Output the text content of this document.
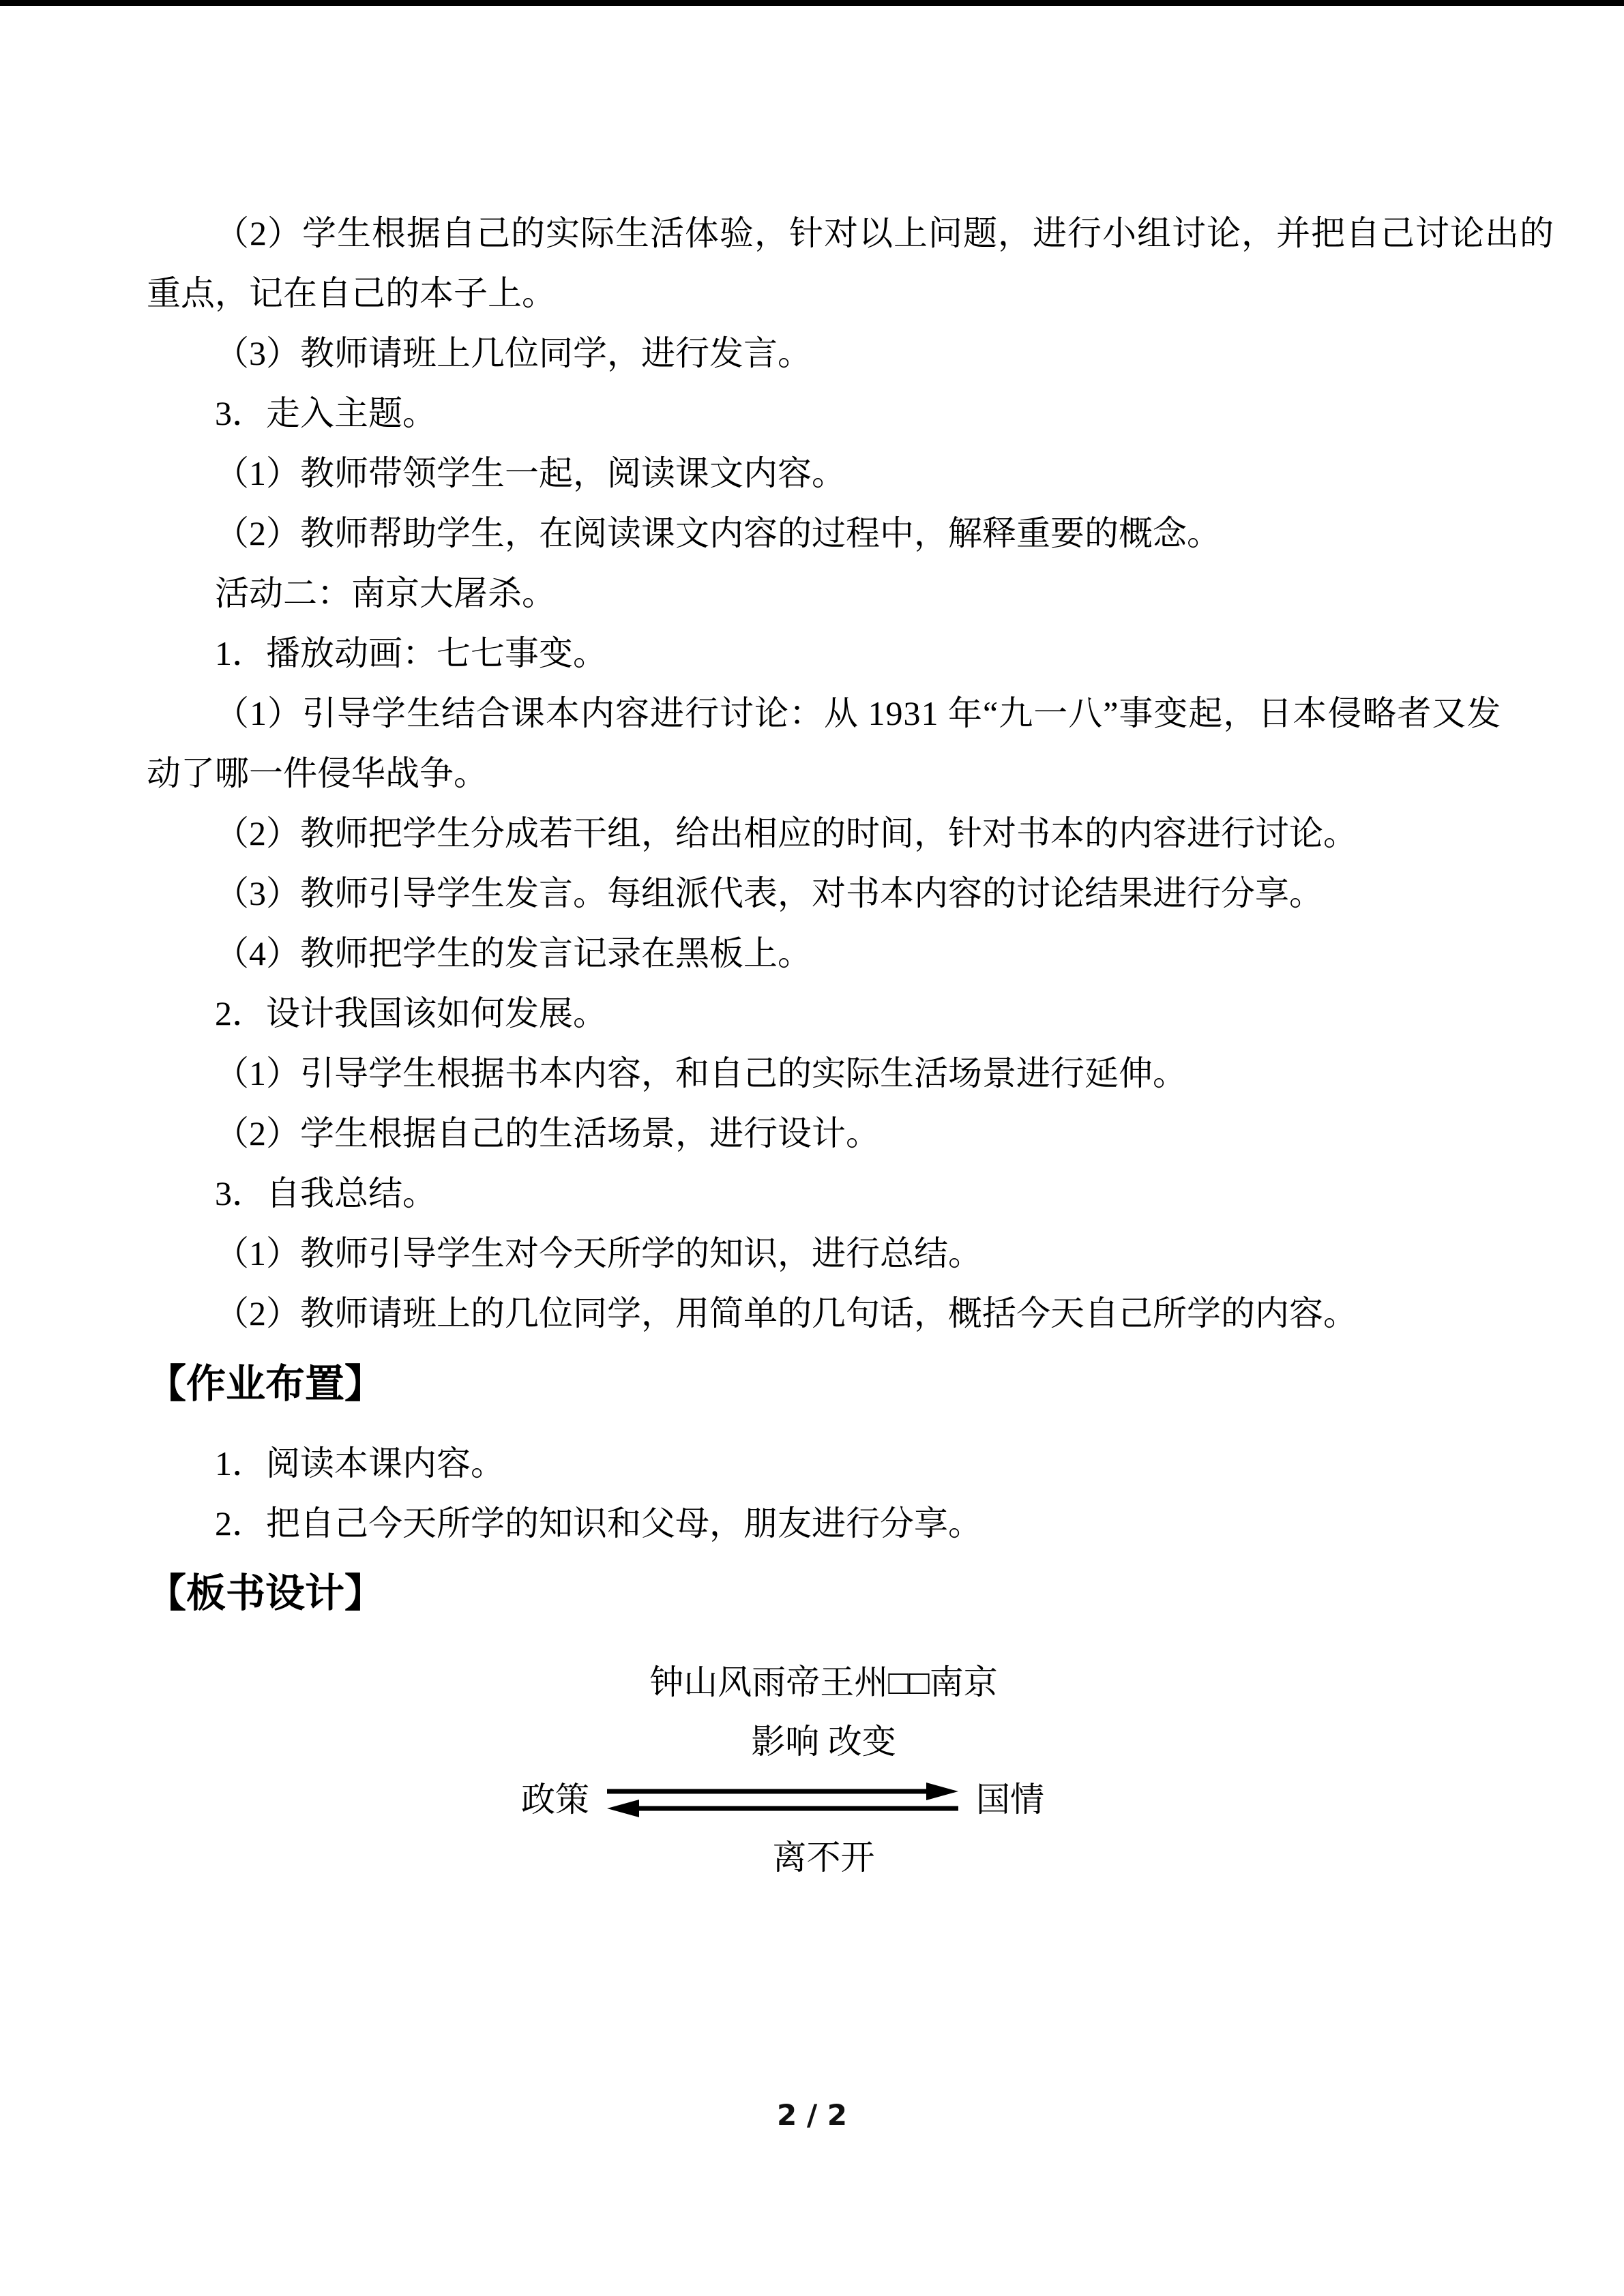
（2）学生根据自己的实际生活体验，针对以上问题，进行小组讨论，并把自己讨论出的
重点，记在自己的本子上。
（3）教师请班上几位同学，进行发言。
3．走入主题。
（1）教师带领学生一起，阅读课文内容。
（2）教师帮助学生，在阅读课文内容的过程中，解释重要的概念。
活动二：南京大屠杀。
1．播放动画：七七事变。
（1）引导学生结合课本内容进行讨论：从 1931 年“九一八”事变起，日本侵略者又发
动了哪一件侵华战争。
（2）教师把学生分成若干组，给出相应的时间，针对书本的内容进行讨论。
（3）教师引导学生发言。每组派代表，对书本内容的讨论结果进行分享。
（4）教师把学生的发言记录在黑板上。
2．设计我国该如何发展。
（1）引导学生根据书本内容，和自己的实际生活场景进行延伸。
（2）学生根据自己的生活场景，进行设计。
3．自我总结。
（1）教师引导学生对今天所学的知识，进行总结。
（2）教师请班上的几位同学，用简单的几句话，概括今天自己所学的内容。
【作业布置】
1．阅读本课内容。
2．把自己今天所学的知识和父母，朋友进行分享。
【板书设计】
钟山风雨帝王州□□南京
影响 改变
政策	国情
离不开
2 / 2
